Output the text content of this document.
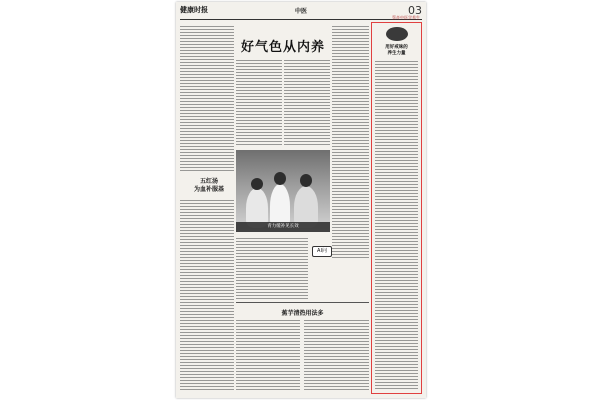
健康时报	中医	03
蔡奇中医学养生
五红汤
为血补服基
好气色从内养
青力缓补见长效
AI问
蕉芋清热用法多
用好戒味的
养生力量
